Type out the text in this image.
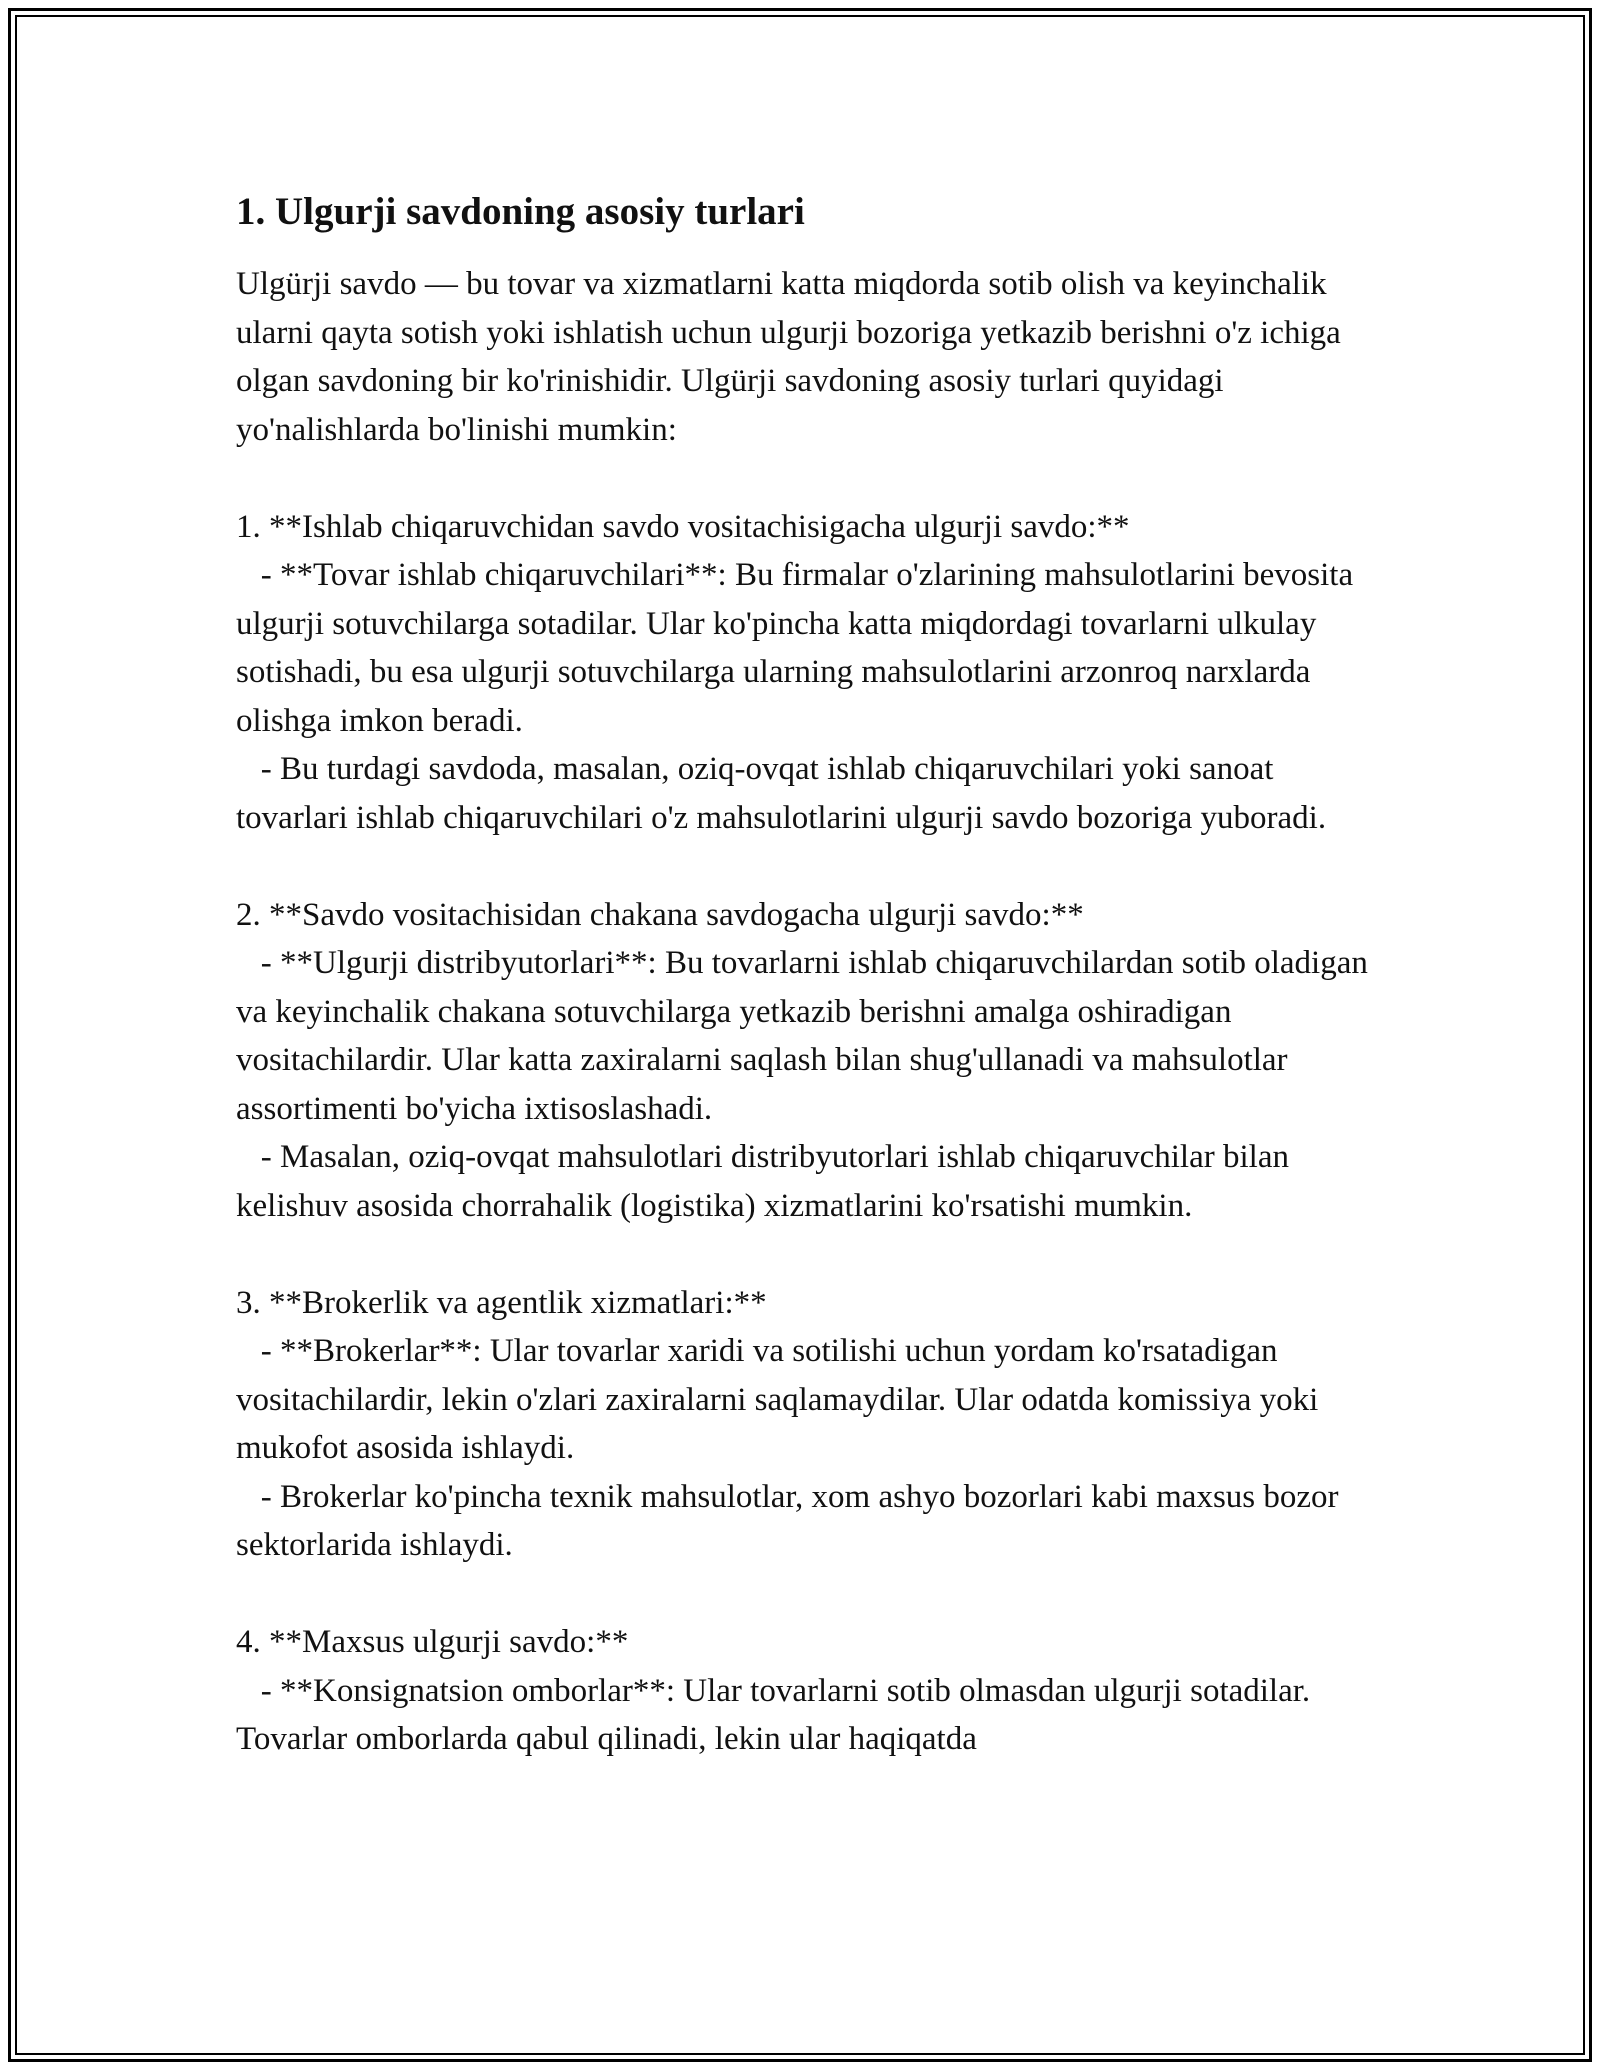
1. Ulgurji savdoning asosiy turlari

Ulgürji savdo — bu tovar va xizmatlarni katta miqdorda sotib olish va keyinchalik ularni qayta sotish yoki ishlatish uchun ulgurji bozoriga yetkazib berishni o'z ichiga olgan savdoning bir ko'rinishidir. Ulgürji savdoning asosiy turlari quyidagi yo'nalishlarda bo'linishi mumkin:

1. **Ishlab chiqaruvchidan savdo vositachisigacha ulgurji savdo:**
- **Tovar ishlab chiqaruvchilari**: Bu firmalar o'zlarining mahsulotlarini bevosita ulgurji sotuvchilarga sotadilar. Ular ko'pincha katta miqdordagi tovarlarni ulkulay sotishadi, bu esa ulgurji sotuvchilarga ularning mahsulotlarini arzonroq narxlarda olishga imkon beradi.
- Bu turdagi savdoda, masalan, oziq-ovqat ishlab chiqaruvchilari yoki sanoat tovarlari ishlab chiqaruvchilari o'z mahsulotlarini ulgurji savdo bozoriga yuboradi.

2. **Savdo vositachisidan chakana savdogacha ulgurji savdo:**
- **Ulgurji distribyutorlari**: Bu tovarlarni ishlab chiqaruvchilardan sotib oladigan va keyinchalik chakana sotuvchilarga yetkazib berishni amalga oshiradigan vositachilardir. Ular katta zaxiralarni saqlash bilan shug'ullanadi va mahsulotlar assortimenti bo'yicha ixtisoslashadi.
- Masalan, oziq-ovqat mahsulotlari distribyutorlari ishlab chiqaruvchilar bilan kelishuv asosida chorrahalik (logistika) xizmatlarini ko'rsatishi mumkin.

3. **Brokerlik va agentlik xizmatlari:**
- **Brokerlar**: Ular tovarlar xaridi va sotilishi uchun yordam ko'rsatadigan vositachilardir, lekin o'zlari zaxiralarni saqlamaydilar. Ular odatda komissiya yoki mukofot asosida ishlaydi.
- Brokerlar ko'pincha texnik mahsulotlar, xom ashyo bozorlari kabi maxsus bozor sektorlarida ishlaydi.

4. **Maxsus ulgurji savdo:**
- **Konsignatsion omborlar**: Ular tovarlarni sotib olmasdan ulgurji sotadilar. Tovarlar omborlarda qabul qilinadi, lekin ular haqiqatda
